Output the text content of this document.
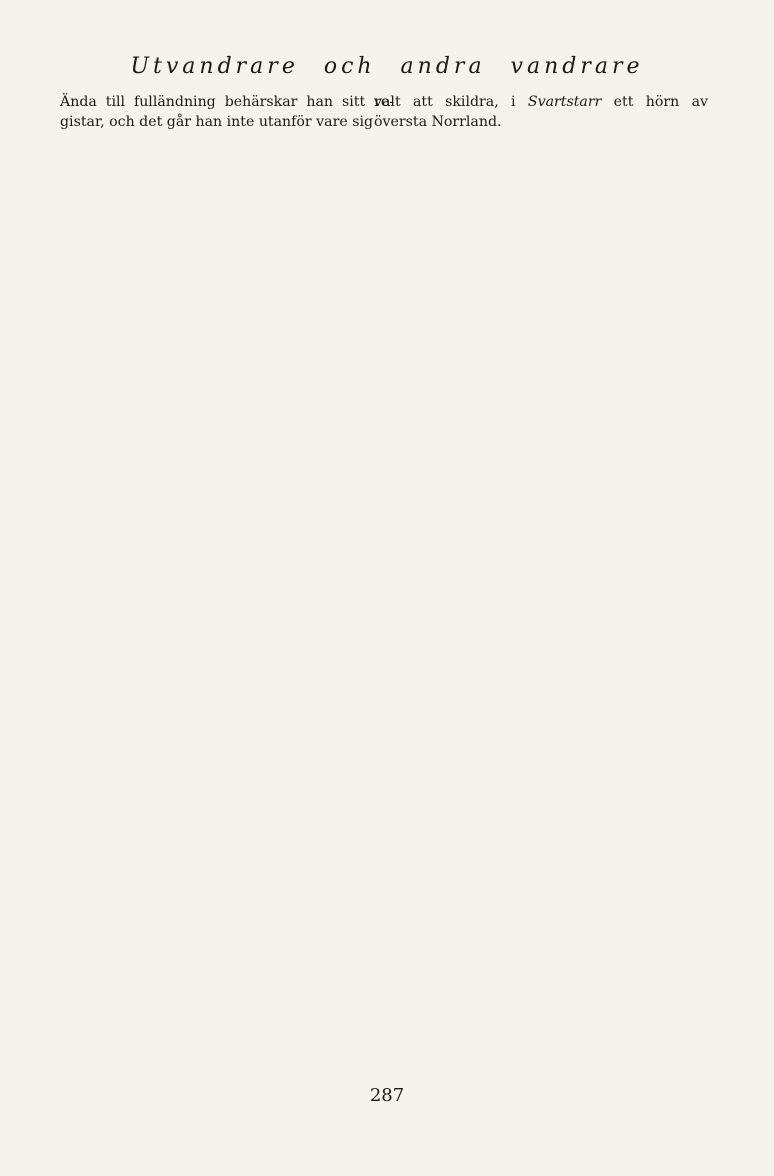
Utvandrare och andra vandrare

Ända till fulländning behärskar han sitt re- gistar, och det går han inte utanför vare sig

valt att skildra, i Svartstarr ett hörn av översta Norrland.

287
